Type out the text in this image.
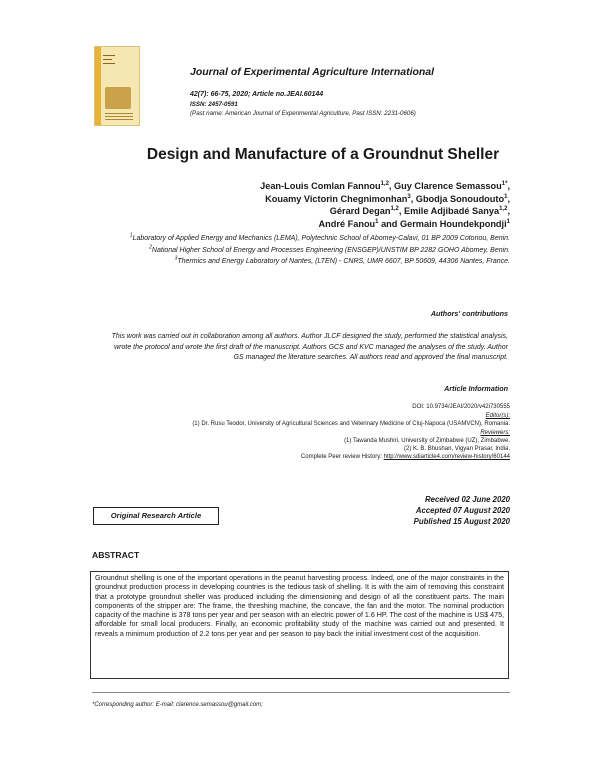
▬▬▬▬
▬▬▬
▬▬▬▬
Journal of Experimental Agriculture International
42(7): 66-75, 2020; Article no.JEAI.60144
ISSN: 2457-0591
(Past name: American Journal of Experimental Agriculture, Past ISSN: 2231-0606)
Design and Manufacture of a Groundnut Sheller
Jean-Louis Comlan Fannou$^{1,2}$, Guy Clarence Semassou$^{1*}$,
Kouamy Victorin Chegnimonhan$^3$, Gbodja Sonoudouto$^1$,
Gérard Degan$^{1,2}$, Emile Adjibadé Sanya$^{1,2}$,
André Fanou$^1$ and Germain Houndekpondji$^1$

$^1$Laboratory of Applied Energy and Mechanics (LEMA), Polytechnic School of Abomey-Calavi, 01 BP 2009 Cotonou, Benin.

$^2$National Higher School of Energy and Processes Engineering (ENSGEP)/UNSTIM BP 2282 GOHO Abomey, Benin.

$^3$Thermics and Energy Laboratory of Nantes, (LTEN) - CNRS, UMR 6607, BP 50609, 44306 Nantes, France.

Authors' contributions
This work was carried out in collaboration among all authors. Author JLCF designed the study, performed the statistical analysis, wrote the protocol and wrote the first draft of the manuscript. Authors GCS and KVC managed the analyses of the study. Author GS managed the literature searches. All authors read and approved the final manuscript.
Article Information
DOI: 10.9734/JEAI/2020/v42i730555
Editor(s):
(1) Dr. Rusu Teodor, University of Agricultural Sciences and Veterinary Medicine of Cluj-Napoca (USAMVCN), Romania.
Reviewers:
(1) Tawanda Mushiri, University of Zimbabwe (UZ), Zimbabwe.
(2) K. B. Bhushan, Vigyan Prasar, India.
Complete Peer review History: http://www.sdiarticle4.com/review-history/60144
Original Research Article
Received 02 June 2020
Accepted 07 August 2020
Published 15 August 2020
ABSTRACT
Groundnut shelling is one of the important operations in the peanut harvesting process. Indeed, one of the major constraints in the groundnut production process in developing countries is the tedious task of shelling. It is with the aim of removing this constraint that a prototype groundnut sheller was produced including the dimensioning and design of all the constituent parts. The main components of the stripper are: The frame, the threshing machine, the concave, the fan and the motor. The nominal production capacity of the machine is 378 tons per year and per season with an electric power of 1.6 HP. The cost of the machine is US$ 475, affordable for small local producers. Finally, an economic profitability study of the machine was carried out and presented. It reveals a minimum production of 2.2 tons per year and per season to pay back the initial investment cost of the acquisition.
*Corresponding author: E-mail: clarence.semassou@gmail.com;
